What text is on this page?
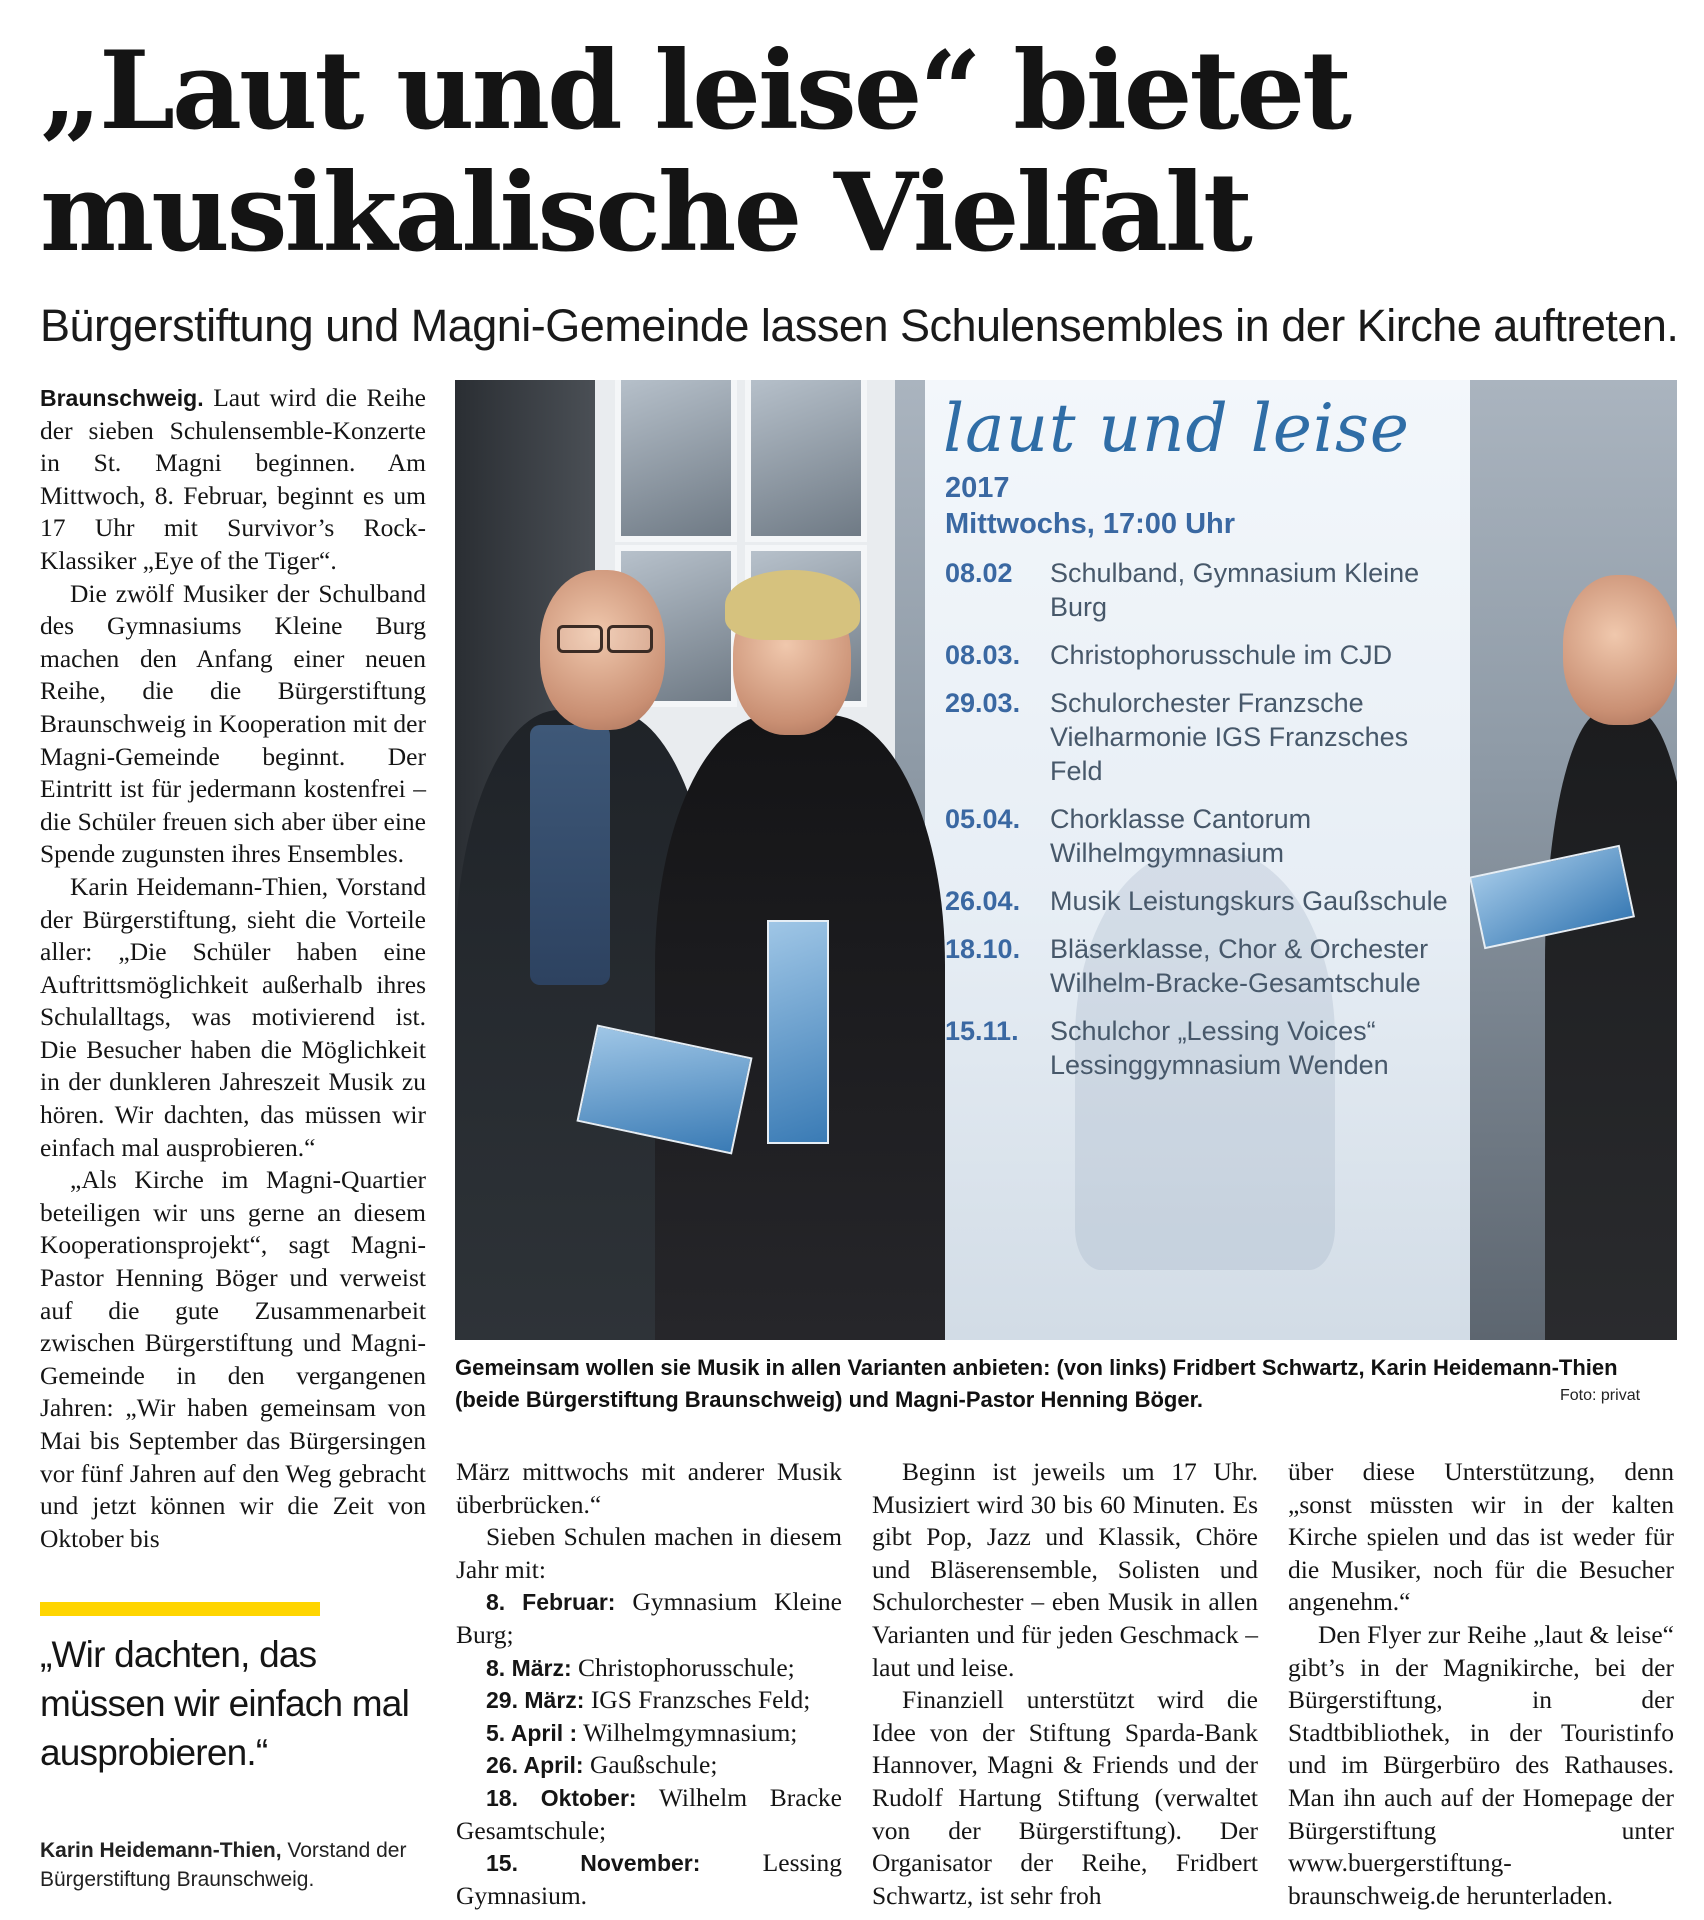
„Laut und leise“ bietet
musikalische Vielfalt

Bürgerstiftung und Magni-Gemeinde lassen Schulensembles in der Kirche auftreten.

Braunschweig. Laut wird die Reihe der sieben Schulensemble-Konzerte in St. Magni beginnen. Am Mittwoch, 8. Februar, beginnt es um 17 Uhr mit Survivor’s Rock-Klassiker „Eye of the Tiger“.

Die zwölf Musiker der Schulband des Gymnasiums Kleine Burg machen den Anfang einer neuen Reihe, die die Bürgerstiftung Braunschweig in Kooperation mit der Magni-Gemeinde beginnt. Der Eintritt ist für jedermann kostenfrei – die Schüler freuen sich aber über eine Spende zugunsten ihres Ensembles.

Karin Heidemann-Thien, Vorstand der Bürgerstiftung, sieht die Vorteile aller: „Die Schüler haben eine Auftrittsmöglichkeit außerhalb ihres Schulalltags, was motivierend ist. Die Besucher haben die Möglichkeit in der dunkleren Jahreszeit Musik zu hören. Wir dachten, das müssen wir einfach mal ausprobieren.“

„Als Kirche im Magni-Quartier beteiligen wir uns gerne an diesem Kooperationsprojekt“, sagt Magni-Pastor Henning Böger und verweist auf die gute Zusammenarbeit zwischen Bürgerstiftung und Magni-Gemeinde in den vergangenen Jahren: „Wir haben gemeinsam von Mai bis September das Bürgersingen vor fünf Jahren auf den Weg gebracht und jetzt können wir die Zeit von Oktober bis

laut und leise
2017
Mittwochs, 17:00 Uhr
08.02	Schulband, Gymnasium Kleine Burg
08.03.	Christophorusschule im CJD
29.03.	Schulorchester Franzsche Vielharmonie IGS Franzsches Feld
05.04.	Chorklasse Cantorum Wilhelmgymnasium
26.04.	Musik Leistungskurs Gaußschule
18.10.	Bläserklasse, Chor & Orchester Wilhelm-Bracke-Gesamtschule
15.11.	Schulchor „Lessing Voices“ Lessinggymnasium Wenden

Gemeinsam wollen sie Musik in allen Varianten anbieten: (von links) Fridbert Schwartz, Karin Heidemann-Thien (beide Bürgerstiftung Braunschweig) und Magni-Pastor Henning Böger.	Foto: privat

„Wir dachten, das müssen wir einfach mal ausprobieren.“

Karin Heidemann-Thien, Vorstand der Bürgerstiftung Braunschweig.

März mittwochs mit anderer Musik überbrücken.“

Sieben Schulen machen in diesem Jahr mit:

8. Februar: Gymnasium Kleine Burg;

8. März: Christophorusschule;

29. März: IGS Franzsches Feld;

5. April : Wilhelmgymnasium;

26. April: Gaußschule;

18. Oktober: Wilhelm Bracke Gesamtschule;

15. November: Lessing Gymnasium.

Beginn ist jeweils um 17 Uhr. Musiziert wird 30 bis 60 Minuten. Es gibt Pop, Jazz und Klassik, Chöre und Bläserensemble, Solisten und Schulorchester – eben Musik in allen Varianten und für jeden Geschmack – laut und leise.

Finanziell unterstützt wird die Idee von der Stiftung Sparda-Bank Hannover, Magni & Friends und der Rudolf Hartung Stiftung (verwaltet von der Bürgerstiftung). Der Organisator der Reihe, Fridbert Schwartz, ist sehr froh

über diese Unterstützung, denn „sonst müssten wir in der kalten Kirche spielen und das ist weder für die Musiker, noch für die Besucher angenehm.“

Den Flyer zur Reihe „laut & leise“ gibt’s in der Magnikirche, bei der Bürgerstiftung, in der Stadtbibliothek, in der Touristinfo und im Bürgerbüro des Rathauses. Man ihn auch auf der Homepage der Bürgerstiftung unter www.buergerstiftung-braunschweig.de herunterladen.
